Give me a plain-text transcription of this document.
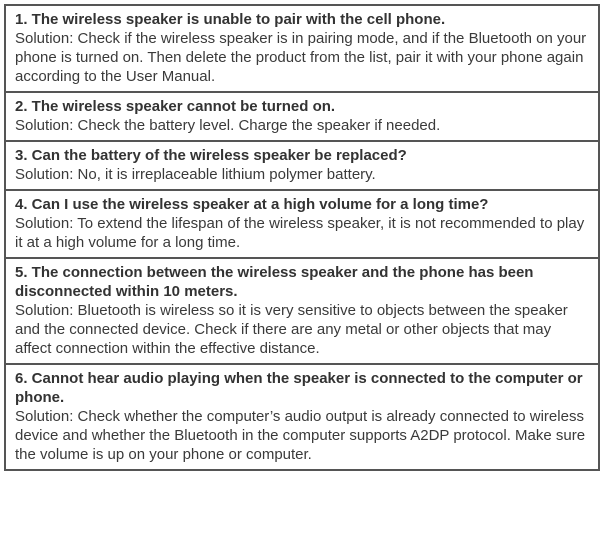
1. The wireless speaker is unable to pair with the cell phone.
Solution: Check if the wireless speaker is in pairing mode, and if the Bluetooth on your phone is turned on. Then delete the product from the list, pair it with your phone again according to the User Manual.
2. The wireless speaker cannot be turned on.
Solution: Check the battery level. Charge the speaker if needed.
3. Can the battery of the wireless speaker be replaced?
Solution: No, it is irreplaceable lithium polymer battery.
4. Can I use the wireless speaker at a high volume for a long time?
Solution: To extend the lifespan of the wireless speaker, it is not recommended to play it at a high volume for a long time.
5. The connection between the wireless speaker and the phone has been disconnected within 10 meters.
Solution: Bluetooth is wireless so it is very sensitive to objects between the speaker and the connected device. Check if there are any metal or other objects that may affect connection within the effective distance.
6. Cannot hear audio playing when the speaker is connected to the computer or phone.
Solution: Check whether the computer’s audio output is already connected to wireless device and whether the Bluetooth in the computer supports A2DP protocol. Make sure the volume is up on your phone or computer.
